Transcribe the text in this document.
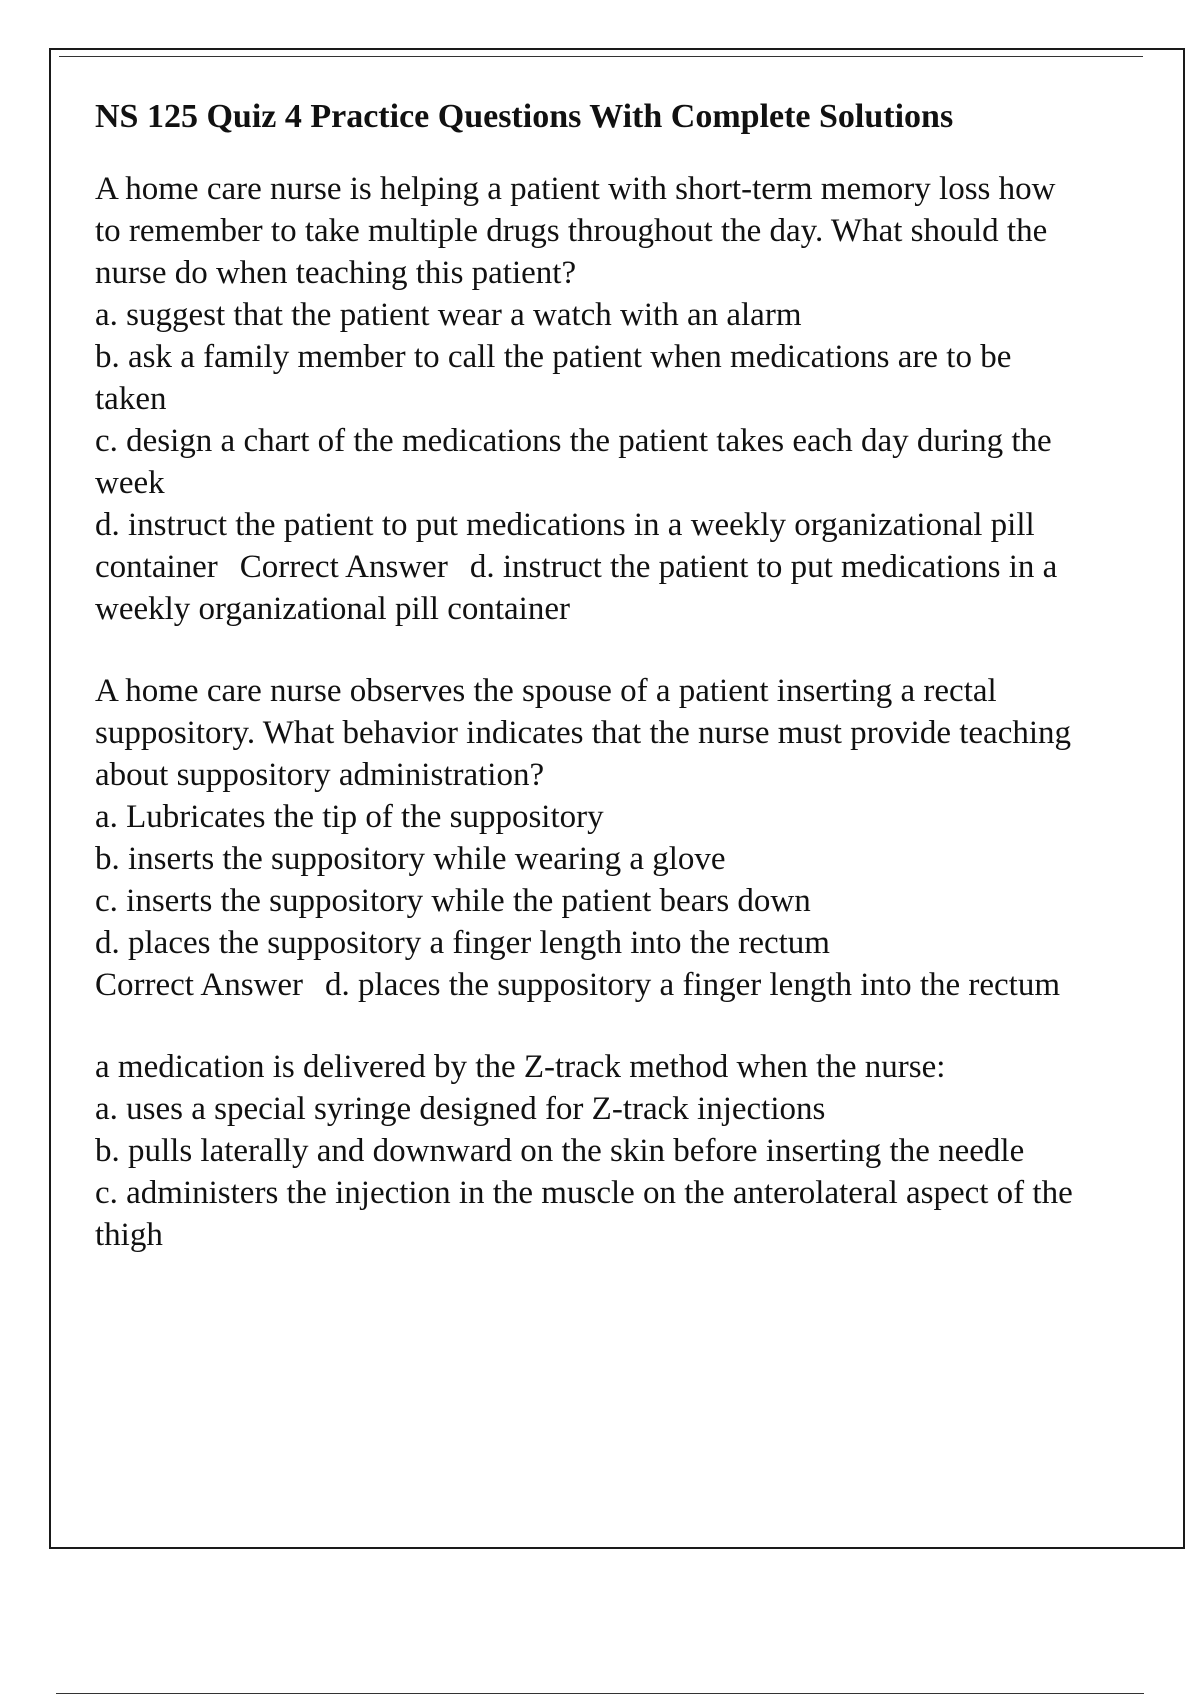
NS 125 Quiz 4 Practice Questions With Complete Solutions

A home care nurse is helping a patient with short-term memory loss how to remember to take multiple drugs throughout the day. What should the nurse do when teaching this patient?

a. suggest that the patient wear a watch with an alarm

b. ask a family member to call the patient when medications are to be taken

c. design a chart of the medications the patient takes each day during the week

d. instruct the patient to put medications in a weekly organizational pill container Correct Answer d. instruct the patient to put medications in a weekly organizational pill container

A home care nurse observes the spouse of a patient inserting a rectal suppository. What behavior indicates that the nurse must provide teaching about suppository administration?

a. Lubricates the tip of the suppository

b. inserts the suppository while wearing a glove

c. inserts the suppository while the patient bears down

d. places the suppository a finger length into the rectum

Correct Answer d. places the suppository a finger length into the rectum

a medication is delivered by the Z-track method when the nurse:

a. uses a special syringe designed for Z-track injections

b. pulls laterally and downward on the skin before inserting the needle

c. administers the injection in the muscle on the anterolateral aspect of the thigh
